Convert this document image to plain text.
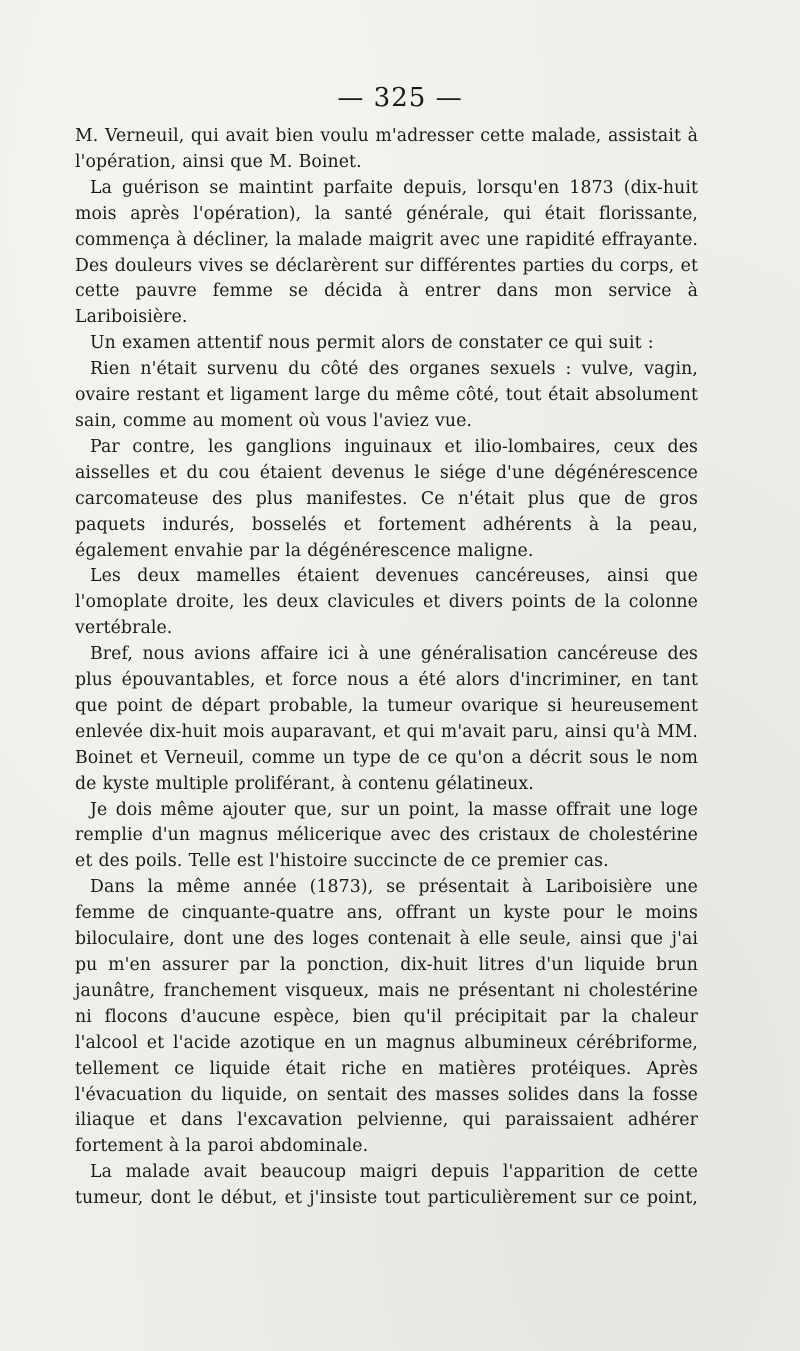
— 325 —

M. Verneuil, qui avait bien voulu m'adresser cette malade, assistait à l'opération, ainsi que M. Boinet.

La guérison se maintint parfaite depuis, lorsqu'en 1873 (dix-huit mois après l'opération), la santé générale, qui était florissante, commença à décliner, la malade maigrit avec une rapidité effrayante. Des douleurs vives se déclarèrent sur différentes parties du corps, et cette pauvre femme se décida à entrer dans mon service à Lariboisière.

Un examen attentif nous permit alors de constater ce qui suit :

Rien n'était survenu du côté des organes sexuels : vulve, vagin, ovaire restant et ligament large du même côté, tout était absolument sain, comme au moment où vous l'aviez vue.

Par contre, les ganglions inguinaux et ilio-lombaires, ceux des aisselles et du cou étaient devenus le siége d'une dégénérescence carcomateuse des plus manifestes. Ce n'était plus que de gros paquets indurés, bosselés et fortement adhérents à la peau, également envahie par la dégénérescence maligne.

Les deux mamelles étaient devenues cancéreuses, ainsi que l'omoplate droite, les deux clavicules et divers points de la colonne vertébrale.

Bref, nous avions affaire ici à une généralisation cancéreuse des plus épouvantables, et force nous a été alors d'incriminer, en tant que point de départ probable, la tumeur ovarique si heureusement enlevée dix-huit mois auparavant, et qui m'avait paru, ainsi qu'à MM. Boinet et Verneuil, comme un type de ce qu'on a décrit sous le nom de kyste multiple proliférant, à contenu gélatineux.

Je dois même ajouter que, sur un point, la masse offrait une loge remplie d'un magnus mélicerique avec des cristaux de cholestérine et des poils. Telle est l'histoire succincte de ce premier cas.

Dans la même année (1873), se présentait à Lariboisière une femme de cinquante-quatre ans, offrant un kyste pour le moins biloculaire, dont une des loges contenait à elle seule, ainsi que j'ai pu m'en assurer par la ponction, dix-huit litres d'un liquide brun jaunâtre, franchement visqueux, mais ne présentant ni cholestérine ni flocons d'aucune espèce, bien qu'il précipitait par la chaleur l'alcool et l'acide azotique en un magnus albumineux cérébriforme, tellement ce liquide était riche en matières protéiques. Après l'évacuation du liquide, on sentait des masses solides dans la fosse iliaque et dans l'excavation pelvienne, qui paraissaient adhérer fortement à la paroi abdominale.

La malade avait beaucoup maigri depuis l'apparition de cette tumeur, dont le début, et j'insiste tout particulièrement sur ce point,
